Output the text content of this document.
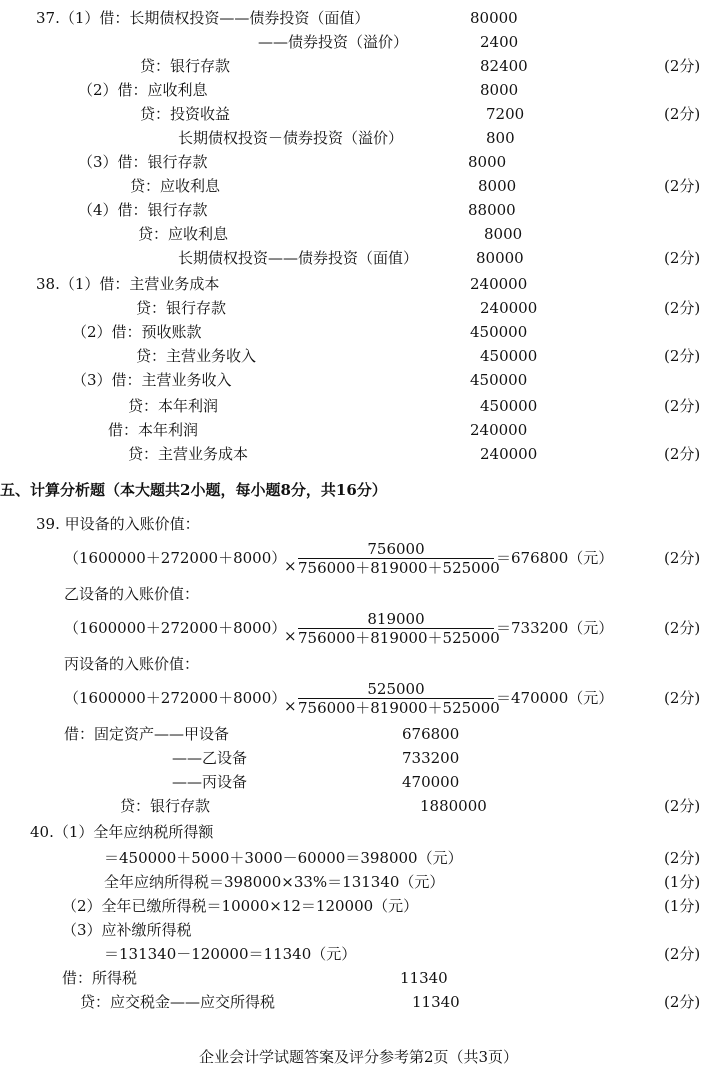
37.（1）借：长期债权投资——债券投资（面值）	80000
——债券投资（溢价）	2400
贷：银行存款	82400	(2分)
（2）借：应收利息	8000
贷：投资收益	7200	(2分)
长期债权投资－债券投资（溢价）	800
（3）借：银行存款	8000
贷：应收利息	8000	(2分)
（4）借：银行存款	88000
贷：应收利息	8000
长期债权投资——债券投资（面值）	80000	(2分)
38.（1）借：主营业务成本	240000
贷：银行存款	240000	(2分)
（2）借：预收账款	450000
贷：主营业务收入	450000	(2分)
（3）借：主营业务收入	450000
贷：本年利润	450000	(2分)
借：本年利润	240000
贷：主营业务成本	240000	(2分)
五、计算分析题（本大题共2小题，每小题8分，共16分）
39. 甲设备的入账价值：
（1600000＋272000＋8000）
× $\frac{756000}{756000+819000+525000} =676800$（元）	(2分)
乙设备的入账价值：
（1600000＋272000＋8000）
× $\frac{819000}{756000+819000+525000} =733200$（元）	(2分)
丙设备的入账价值：
（1600000＋272000＋8000）
× $\frac{525000}{756000+819000+525000} =470000$（元）	(2分)
借：固定资产——甲设备	676800
——乙设备	733200
——丙设备	470000
贷：银行存款	1880000	(2分)
40.（1）全年应纳税所得额
＝450000＋5000＋3000－60000＝398000（元）	(2分)
全年应纳所得税＝398000×33%＝131340（元）	(1分)
（2）全年已缴所得税＝10000×12＝120000（元）	(1分)
（3）应补缴所得税
＝131340－120000＝11340（元）	(2分)
借：所得税	11340
贷：应交税金——应交所得税	11340	(2分)
企业会计学试题答案及评分参考第2页（共3页）
